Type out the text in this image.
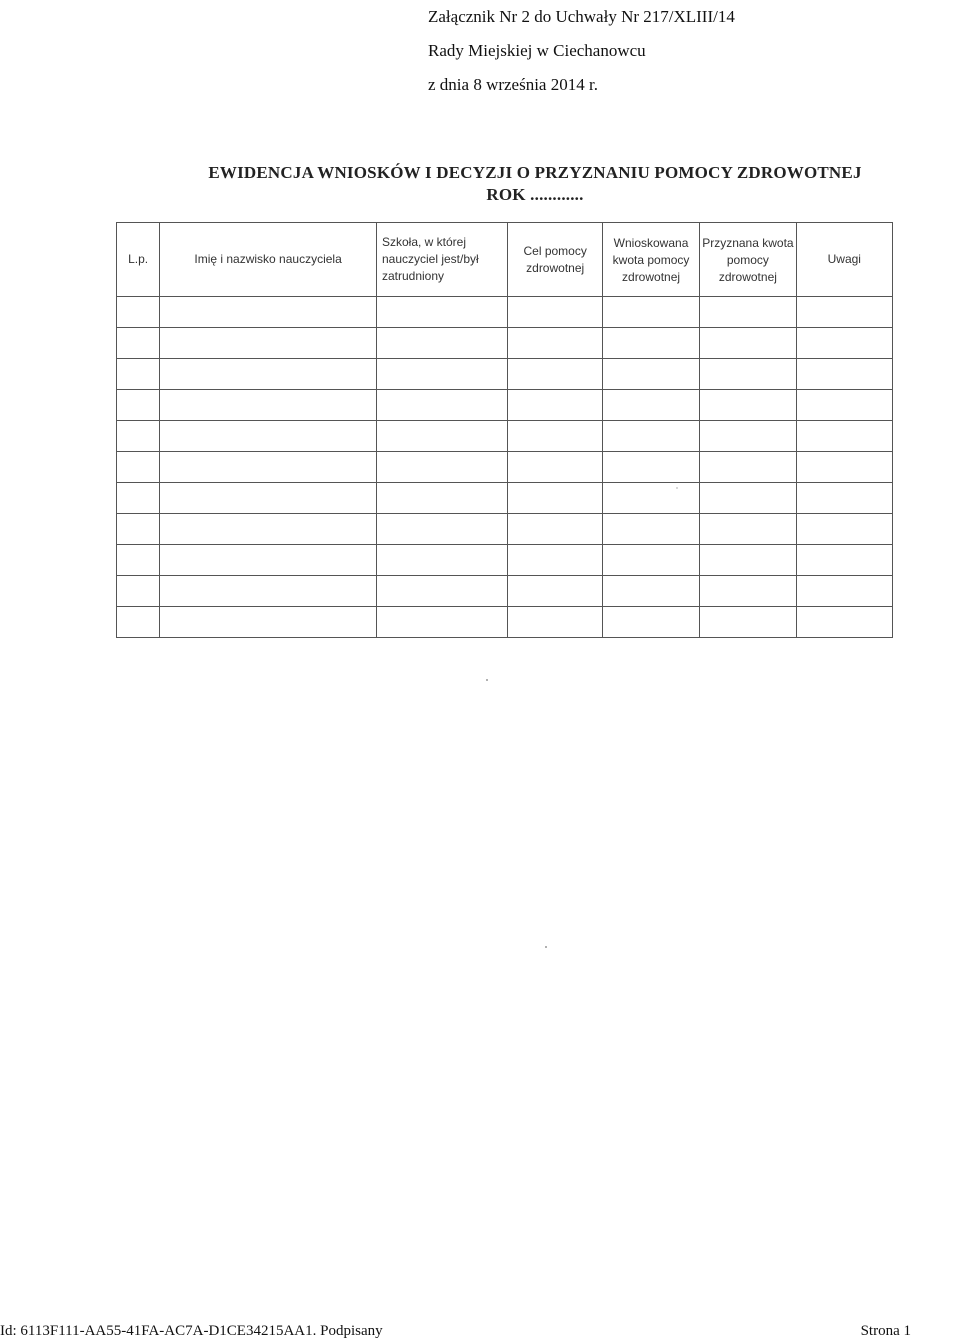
Załącznik Nr 2 do Uchwały Nr 217/XLIII/14
Rady Miejskiej w Ciechanowcu
z dnia 8 września 2014 r.
EWIDENCJA WNIOSKÓW I DECYZJI O PRZYZNANIU POMOCY ZDROWOTNEJ
ROK ............
L.p.	Imię i nazwisko nauczyciela	Szkoła, w której nauczyciel jest/był zatrudniony	Cel pomocy zdrowotnej	Wnioskowana kwota pomocy zdrowotnej	Przyznana kwota pomocy zdrowotnej	Uwagi

Id: 6113F111-AA55-41FA-AC7A-D1CE34215AA1. Podpisany	Strona 1
